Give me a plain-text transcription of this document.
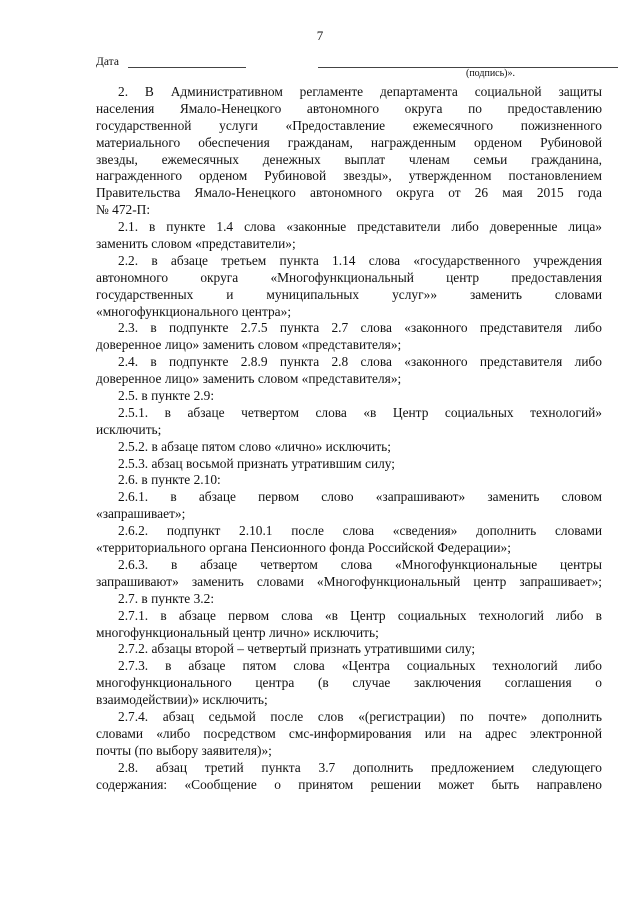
7
Дата
(подпись)».
2. В Административном регламенте департамента социальной защиты
населения Ямало-Ненецкого автономного округа по предоставлению
государственной услуги «Предоставление ежемесячного пожизненного
материального обеспечения гражданам, награжденным орденом Рубиновой
звезды, ежемесячных денежных выплат членам семьи гражданина,
награжденного орденом Рубиновой звезды», утвержденном постановлением
Правительства Ямало-Ненецкого автономного округа от 26 мая 2015 года
№ 472-П:
2.1. в пункте 1.4 слова «законные представители либо доверенные лица»
заменить словом «представители»;
2.2. в абзаце третьем пункта 1.14 слова «государственного учреждения
автономного округа «Многофункциональный центр предоставления
государственных и муниципальных услуг»» заменить словами
«многофункционального центра»;
2.3. в подпункте 2.7.5 пункта 2.7 слова «законного представителя либо
доверенное лицо» заменить словом «представителя»;
2.4. в подпункте 2.8.9 пункта 2.8 слова «законного представителя либо
доверенное лицо» заменить словом «представителя»;
2.5. в пункте 2.9:
2.5.1. в абзаце четвертом слова «в Центр социальных технологий»
исключить;
2.5.2. в абзаце пятом слово «лично» исключить;
2.5.3. абзац восьмой признать утратившим силу;
2.6. в пункте 2.10:
2.6.1. в абзаце первом слово «запрашивают» заменить словом
«запрашивает»;
2.6.2. подпункт 2.10.1 после слова «сведения» дополнить словами
«территориального органа Пенсионного фонда Российской Федерации»;
2.6.3. в абзаце четвертом слова «Многофункциональные центры
запрашивают» заменить словами «Многофункциональный центр запрашивает»;
2.7. в пункте 3.2:
2.7.1. в абзаце первом слова «в Центр социальных технологий либо в
многофункциональный центр лично» исключить;
2.7.2. абзацы второй – четвертый признать утратившими силу;
2.7.3. в абзаце пятом слова «Центра социальных технологий либо
многофункционального центра (в случае заключения соглашения о
взаимодействии)» исключить;
2.7.4. абзац седьмой после слов «(регистрации) по почте» дополнить
словами «либо посредством смс-информирования или на адрес электронной
почты (по выбору заявителя)»;
2.8. абзац третий пункта 3.7 дополнить предложением следующего
содержания: «Сообщение о принятом решении может быть направлено
